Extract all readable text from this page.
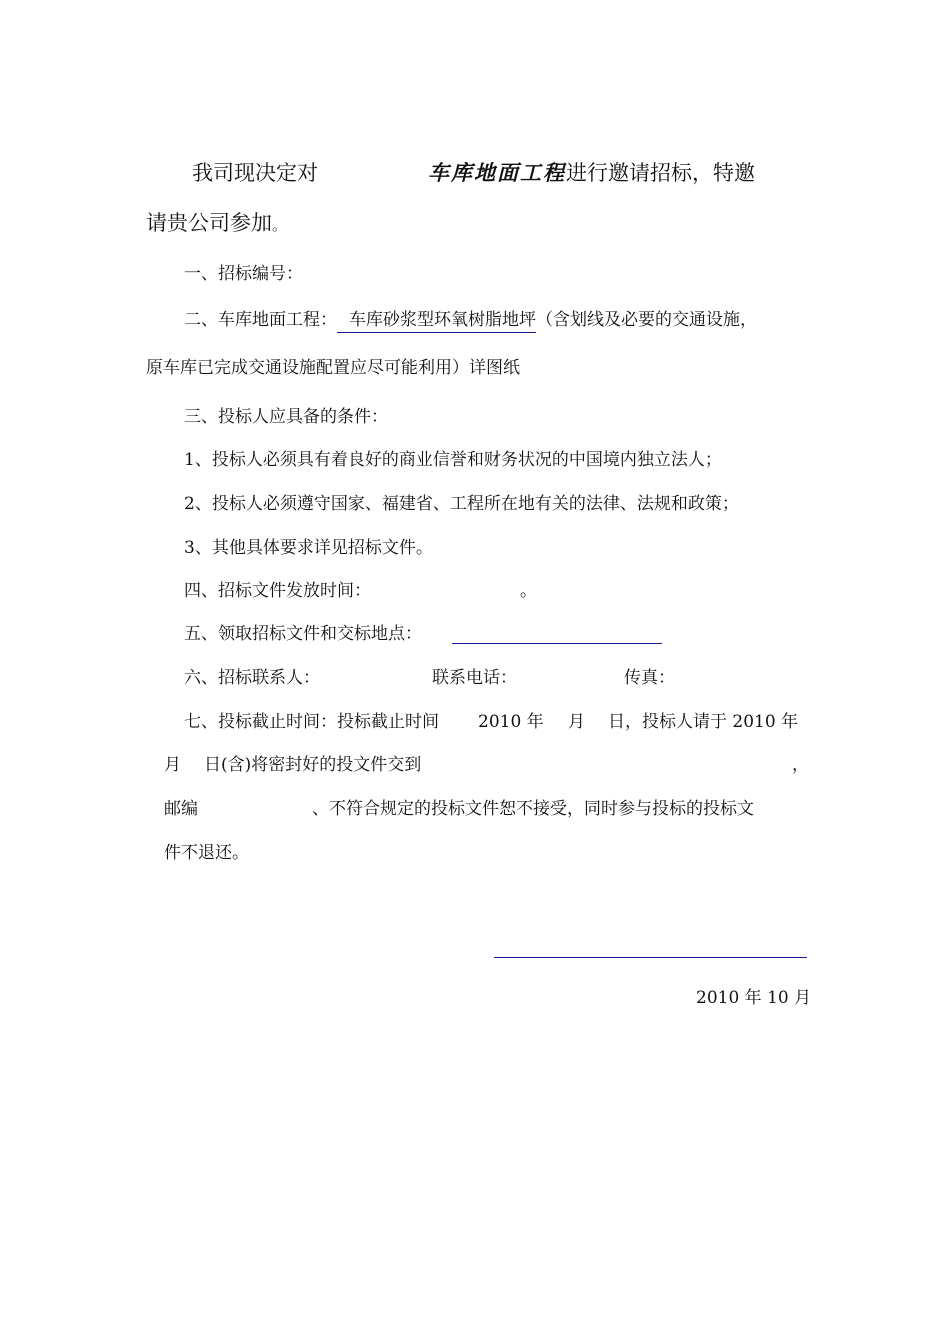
我司现决定对	车库地面工程进行邀请招标，特邀
请贵公司参加。
一、招标编号：
二、车库地面工程： 车库砂浆型环氧树脂地坪（含划线及必要的交通设施，
原车库已完成交通设施配置应尽可能利用）详图纸
三、投标人应具备的条件：
1、投标人必须具有着良好的商业信誉和财务状况的中国境内独立法人；
2、投标人必须遵守国家、福建省、工程所在地有关的法律、法规和政策；
3、其他具体要求详见招标文件。
四、招标文件发放时间：	。
五、领取招标文件和交标地点：
六、招标联系人：	联系电话：	传真：
七、投标截止时间：投标截止时间 2010 年 月 日，投标人请于 2010 年
月 日(含)将密封好的投文件交到	，
邮编	、不符合规定的投标文件恕不接受，同时参与投标的投标文
件不退还。
2010 年 10 月
